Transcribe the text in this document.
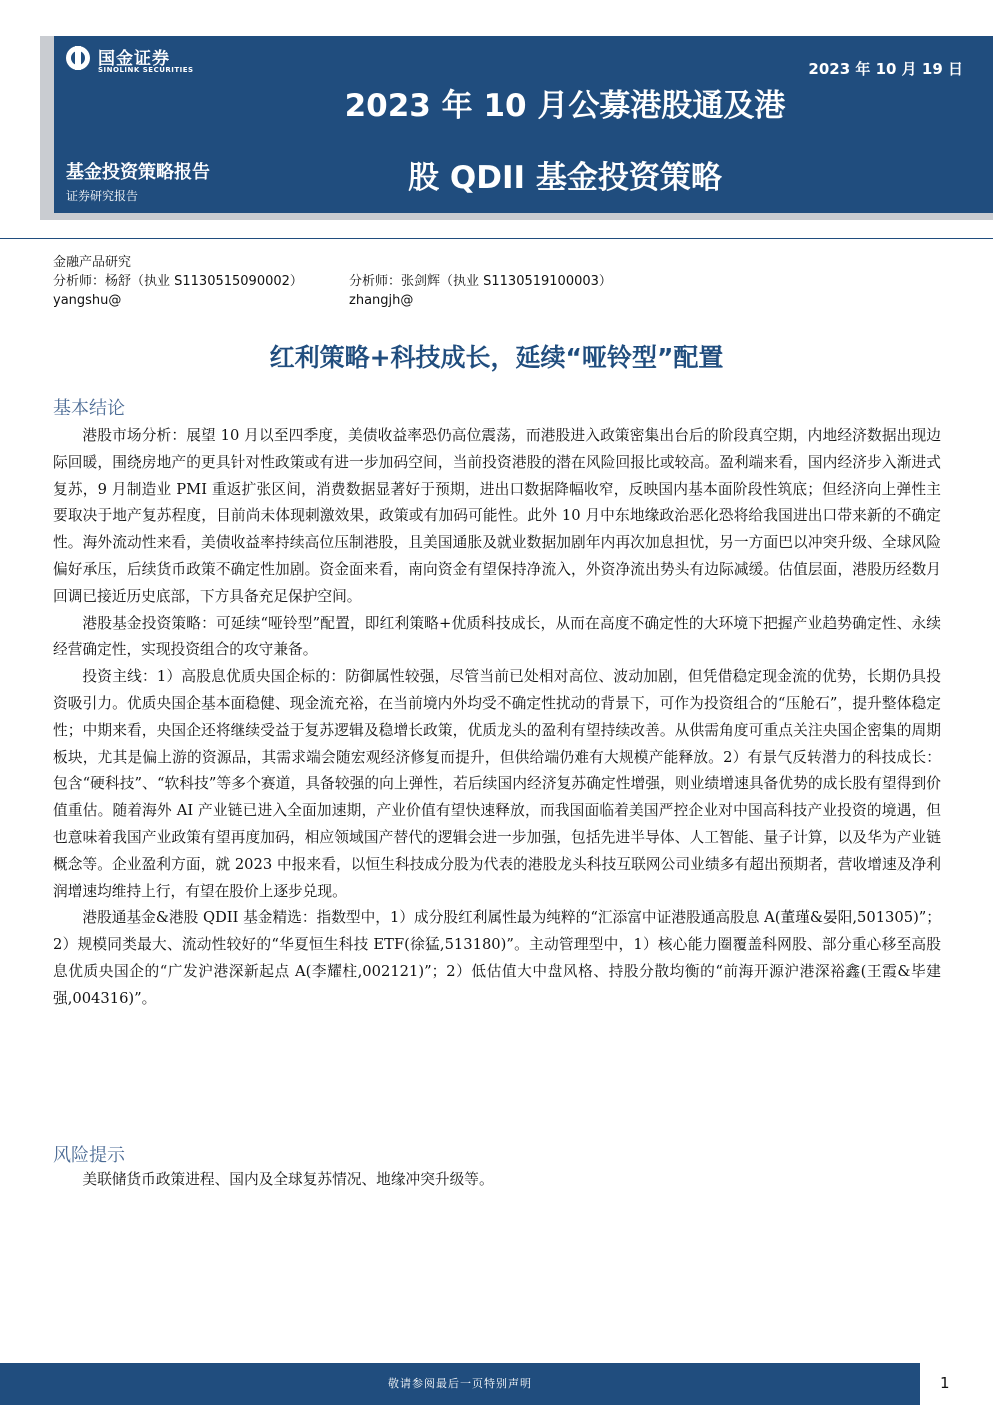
国金证券
SINOLINK SECURITIES	2023 年 10 月 19 日
2023 年 10 月公募港股通及港
股 QDII 基金投资策略
基金投资策略报告
证券研究报告
金融产品研究
分析师：杨舒（执业 S1130515090002）	分析师：张剑辉（执业 S1130519100003）
yangshu@	zhangjh@
红利策略+科技成长，延续“哑铃型”配置
基本结论

港股市场分析：展望 10 月以至四季度，美债收益率恐仍高位震荡，而港股进入政策密集出台后的阶段真空期，内地经济数据出现边际回暖，围绕房地产的更具针对性政策或有进一步加码空间，当前投资港股的潜在风险回报比或较高。盈利端来看，国内经济步入渐进式复苏，9 月制造业 PMI 重返扩张区间，消费数据显著好于预期，进出口数据降幅收窄，反映国内基本面阶段性筑底；但经济向上弹性主要取决于地产复苏程度，目前尚未体现刺激效果，政策或有加码可能性。此外 10 月中东地缘政治恶化恐将给我国进出口带来新的不确定性。海外流动性来看，美债收益率持续高位压制港股，且美国通胀及就业数据加剧年内再次加息担忧，另一方面巴以冲突升级、全球风险偏好承压，后续货币政策不确定性加剧。资金面来看，南向资金有望保持净流入，外资净流出势头有边际减缓。估值层面，港股历经数月回调已接近历史底部，下方具备充足保护空间。

港股基金投资策略：可延续“哑铃型”配置，即红利策略+优质科技成长，从而在高度不确定性的大环境下把握产业趋势确定性、永续经营确定性，实现投资组合的攻守兼备。

投资主线：1）高股息优质央国企标的：防御属性较强，尽管当前已处相对高位、波动加剧，但凭借稳定现金流的优势，长期仍具投资吸引力。优质央国企基本面稳健、现金流充裕，在当前境内外均受不确定性扰动的背景下，可作为投资组合的“压舱石”，提升整体稳定性；中期来看，央国企还将继续受益于复苏逻辑及稳增长政策，优质龙头的盈利有望持续改善。从供需角度可重点关注央国企密集的周期板块，尤其是偏上游的资源品，其需求端会随宏观经济修复而提升，但供给端仍难有大规模产能释放。2）有景气反转潜力的科技成长：包含“硬科技”、“软科技”等多个赛道，具备较强的向上弹性，若后续国内经济复苏确定性增强，则业绩增速具备优势的成长股有望得到价值重估。随着海外 AI 产业链已进入全面加速期，产业价值有望快速释放，而我国面临着美国严控企业对中国高科技产业投资的境遇，但也意味着我国产业政策有望再度加码，相应领域国产替代的逻辑会进一步加强，包括先进半导体、人工智能、量子计算，以及华为产业链概念等。企业盈利方面，就 2023 中报来看，以恒生科技成分股为代表的港股龙头科技互联网公司业绩多有超出预期者，营收增速及净利润增速均维持上行，有望在股价上逐步兑现。

港股通基金&港股 QDII 基金精选：指数型中，1）成分股红利属性最为纯粹的“汇添富中证港股通高股息 A(董瑾&晏阳,501305)”；2）规模同类最大、流动性较好的“华夏恒生科技 ETF(徐猛,513180)”。主动管理型中，1）核心能力圈覆盖科网股、部分重心移至高股息优质央国企的“广发沪港深新起点 A(李耀柱,002121)”；2）低估值大中盘风格、持股分散均衡的“前海开源沪港深裕鑫(王霞&毕建强,004316)”。

风险提示

美联储货币政策进程、国内及全球复苏情况、地缘冲突升级等。

敬请参阅最后一页特别声明	1
